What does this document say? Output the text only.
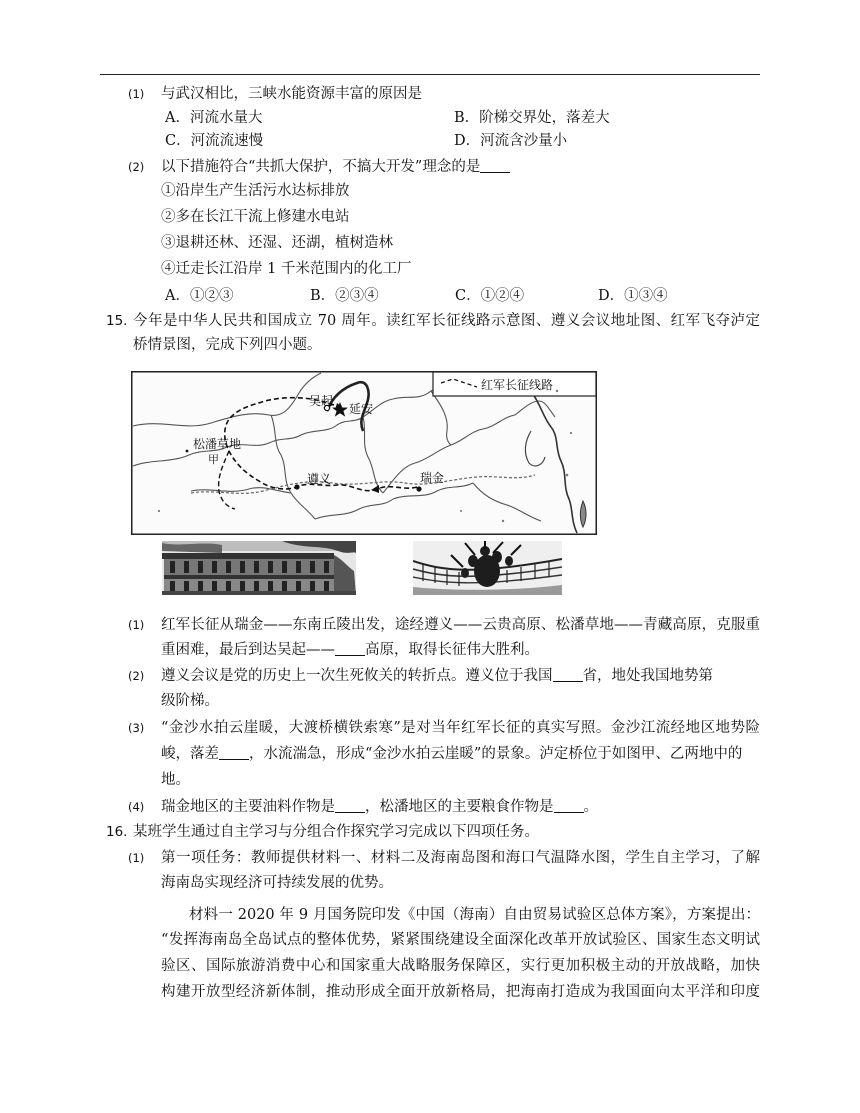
(1) 与武汉相比，三峡水能资源丰富的原因是
A．河流水量大	B．阶梯交界处，落差大
C．河流流速慢	D．河流含沙量小
(2) 以下措施符合“共抓大保护，不搞大开发”理念的是
①沿岸生产生活污水达标排放
②多在长江干流上修建水电站
③退耕还林、还湿、还湖，植树造林
④迁走长江沿岸 1 千米范围内的化工厂
A．①②③	B．②③④	C．①②④	D．①③④
15. 今年是中华人民共和国成立 70 周年。读红军长征线路示意图、遵义会议地址图、红军飞夺泸定
桥情景图，完成下列四小题。
红军长征线路
吴起
延安
松潘草地
甲
遵义	瑞金
(1) 红军长征从瑞金——东南丘陵出发，途经遵义——云贵高原、松潘草地——青藏高原，克服重
重困难，最后到达吴起—— 高原，取得长征伟大胜利。
(2) 遵义会议是党的历史上一次生死攸关的转折点。遵义位于我国 省，地处我国地势第
级阶梯。
(3) “金沙水拍云崖暖，大渡桥横铁索寒”是对当年红军长征的真实写照。金沙江流经地区地势险
峻，落差 ，水流湍急，形成“金沙水拍云崖暖”的景象。泸定桥位于如图甲、乙两地中的
地。
(4) 瑞金地区的主要油料作物是 ，松潘地区的主要粮食作物是 。
16. 某班学生通过自主学习与分组合作探究学习完成以下四项任务。
(1) 第一项任务：教师提供材料一、材料二及海南岛图和海口气温降水图，学生自主学习，了解
海南岛实现经济可持续发展的优势。
材料一 2020 年 9 月国务院印发《中国（海南）自由贸易试验区总体方案》，方案提出：
“发挥海南岛全岛试点的整体优势，紧紧围绕建设全面深化改革开放试验区、国家生态文明试
验区、国际旅游消费中心和国家重大战略服务保障区，实行更加积极主动的开放战略，加快
构建开放型经济新体制，推动形成全面开放新格局，把海南打造成为我国面向太平洋和印度
